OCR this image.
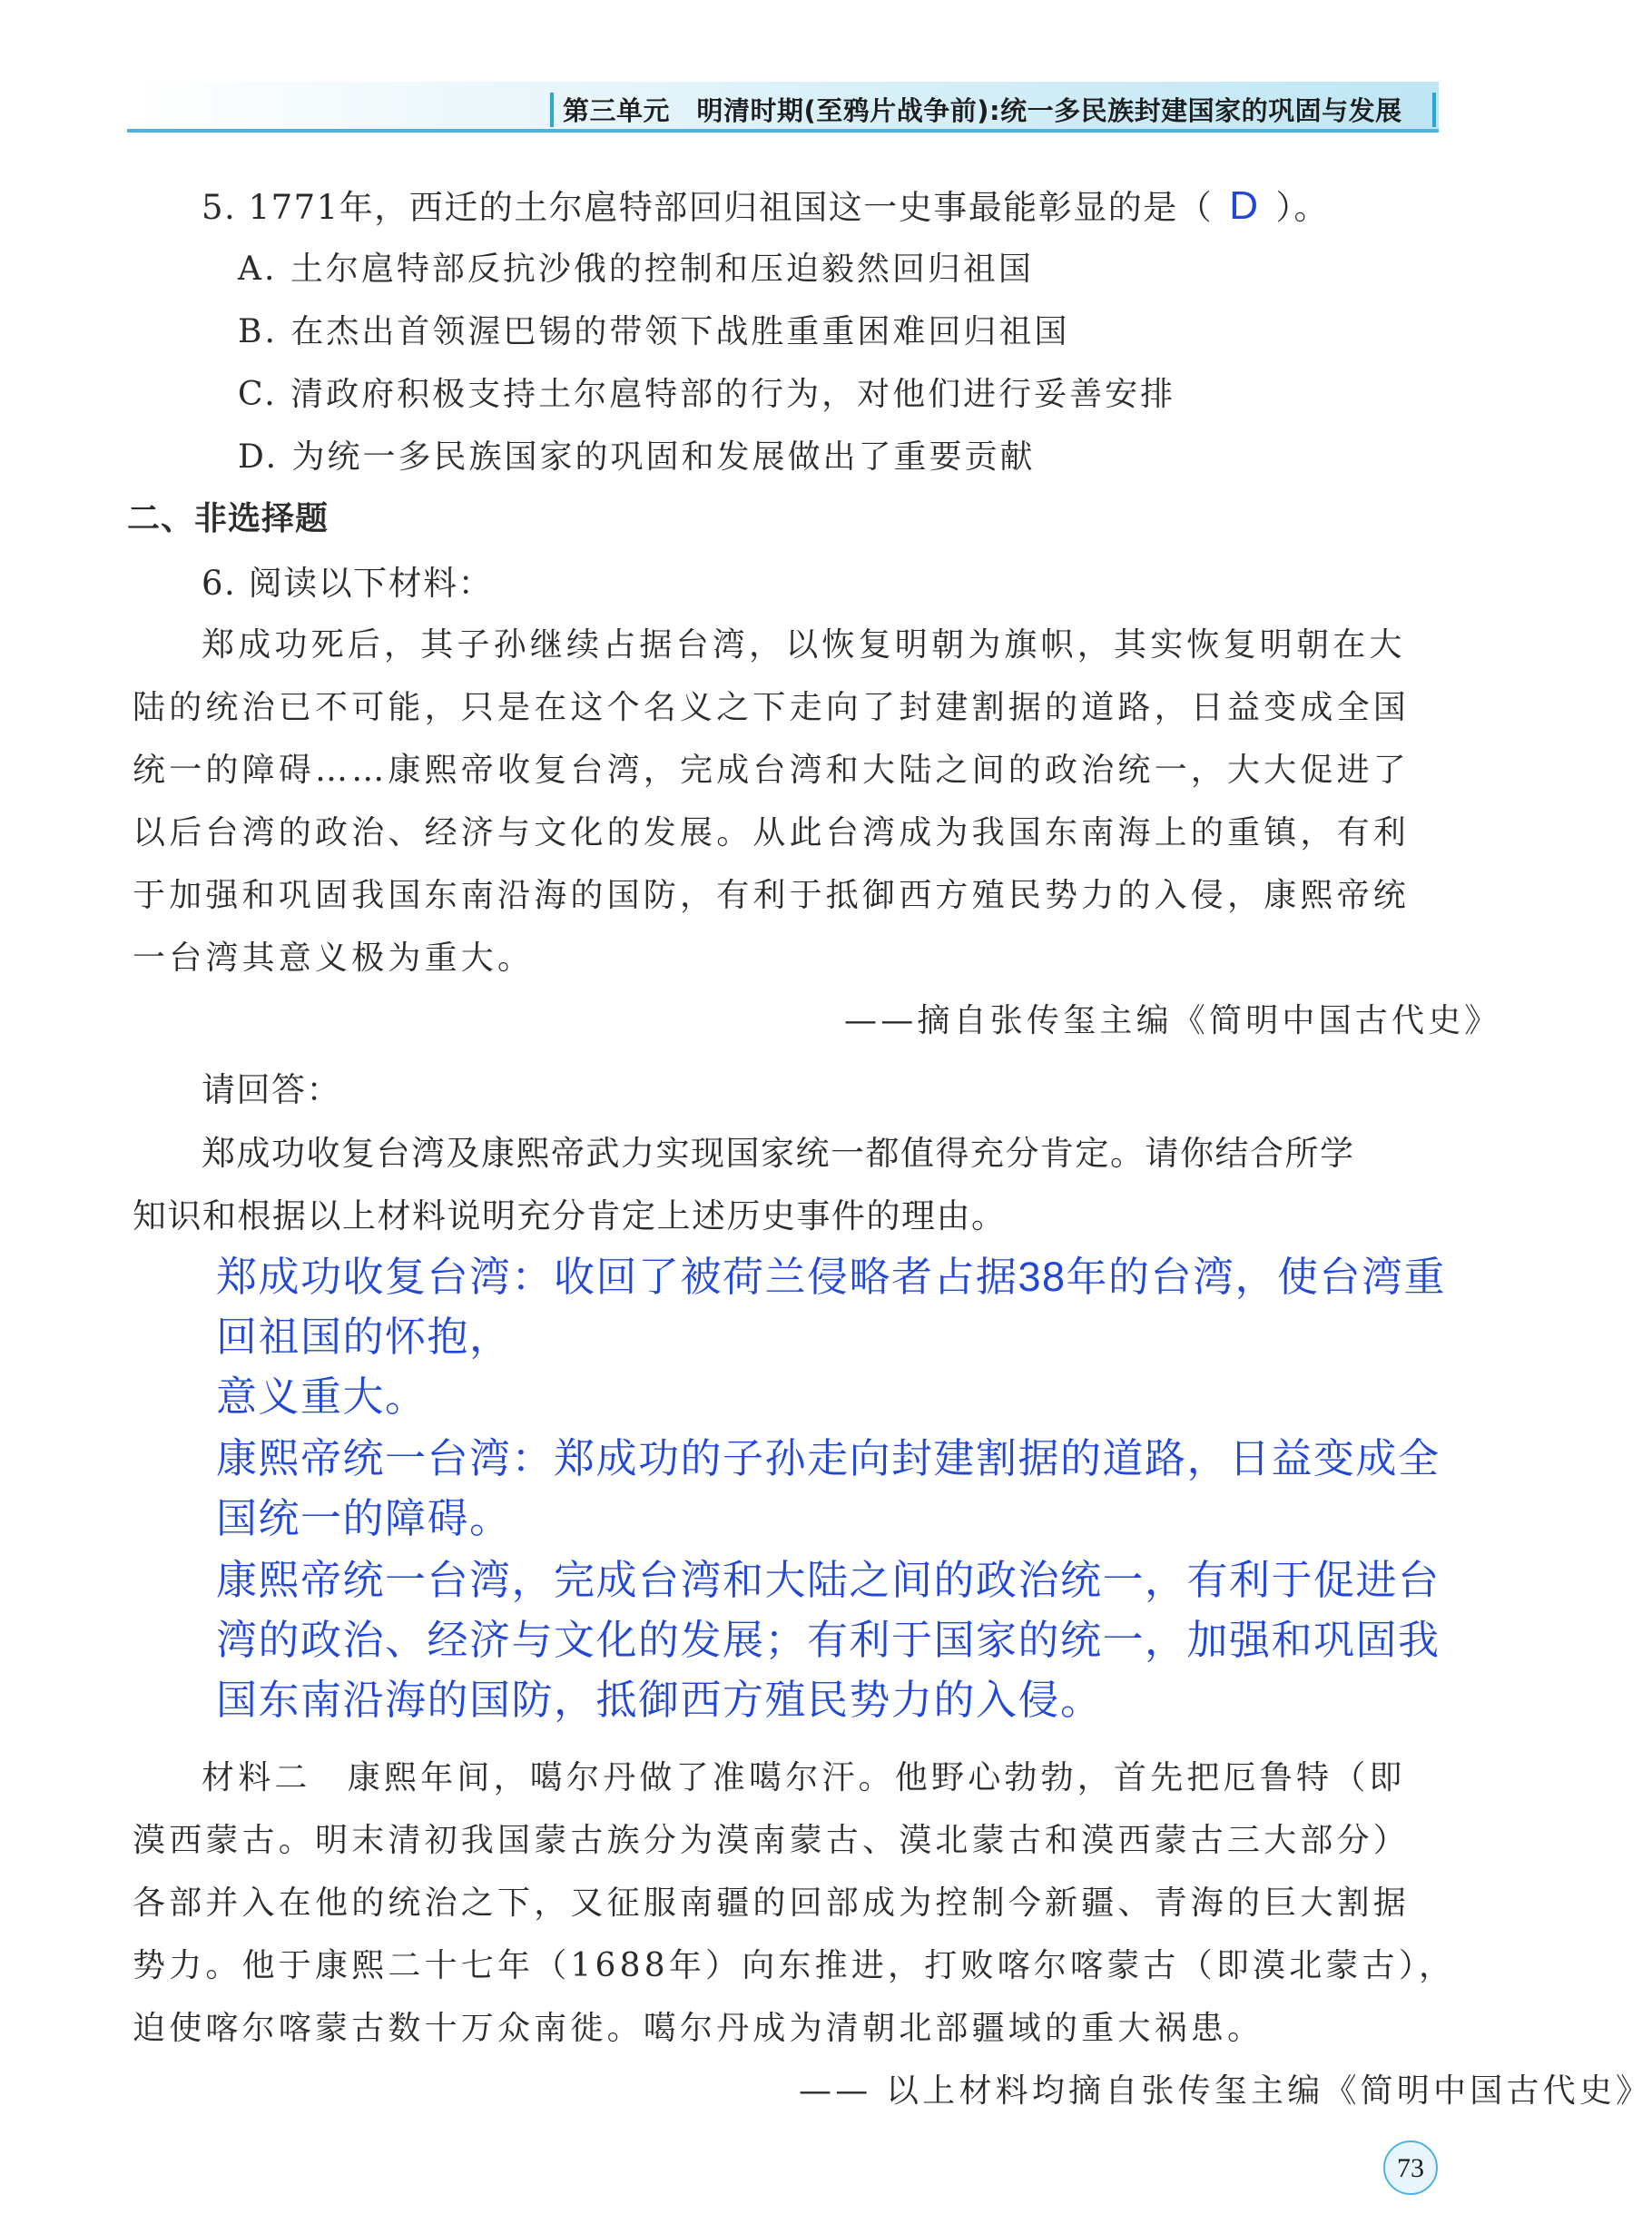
第三单元　明清时期(至鸦片战争前):统一多民族封建国家的巩固与发展
5. 1771年，西迁的土尔扈特部回归祖国这一史事最能彰显的是（ D ）。
A. 土尔扈特部反抗沙俄的控制和压迫毅然回归祖国
B. 在杰出首领渥巴锡的带领下战胜重重困难回归祖国
C. 清政府积极支持土尔扈特部的行为，对他们进行妥善安排
D. 为统一多民族国家的巩固和发展做出了重要贡献
二、非选择题
6. 阅读以下材料：
郑成功死后，其子孙继续占据台湾，以恢复明朝为旗帜，其实恢复明朝在大
陆的统治已不可能，只是在这个名义之下走向了封建割据的道路，日益变成全国
统一的障碍……康熙帝收复台湾，完成台湾和大陆之间的政治统一，大大促进了
以后台湾的政治、经济与文化的发展。从此台湾成为我国东南海上的重镇，有利
于加强和巩固我国东南沿海的国防，有利于抵御西方殖民势力的入侵，康熙帝统
一台湾其意义极为重大。
——摘自张传玺主编《简明中国古代史》
请回答：
郑成功收复台湾及康熙帝武力实现国家统一都值得充分肯定。请你结合所学
知识和根据以上材料说明充分肯定上述历史事件的理由。
材料二　康熙年间，噶尔丹做了准噶尔汗。他野心勃勃，首先把厄鲁特（即
漠西蒙古。明末清初我国蒙古族分为漠南蒙古、漠北蒙古和漠西蒙古三大部分）
各部并入在他的统治之下，又征服南疆的回部成为控制今新疆、青海的巨大割据
势力。他于康熙二十七年（1688年）向东推进，打败喀尔喀蒙古（即漠北蒙古），
迫使喀尔喀蒙古数十万众南徙。噶尔丹成为清朝北部疆域的重大祸患。
—— 以上材料均摘自张传玺主编《简明中国古代史》
郑成功收复台湾：收回了被荷兰侵略者占据38年的台湾，使台湾重
回祖国的怀抱，
意义重大。
康熙帝统一台湾：郑成功的子孙走向封建割据的道路，日益变成全
国统一的障碍。
康熙帝统一台湾，完成台湾和大陆之间的政治统一，有利于促进台
湾的政治、经济与文化的发展；有利于国家的统一，加强和巩固我
国东南沿海的国防，抵御西方殖民势力的入侵。
73
